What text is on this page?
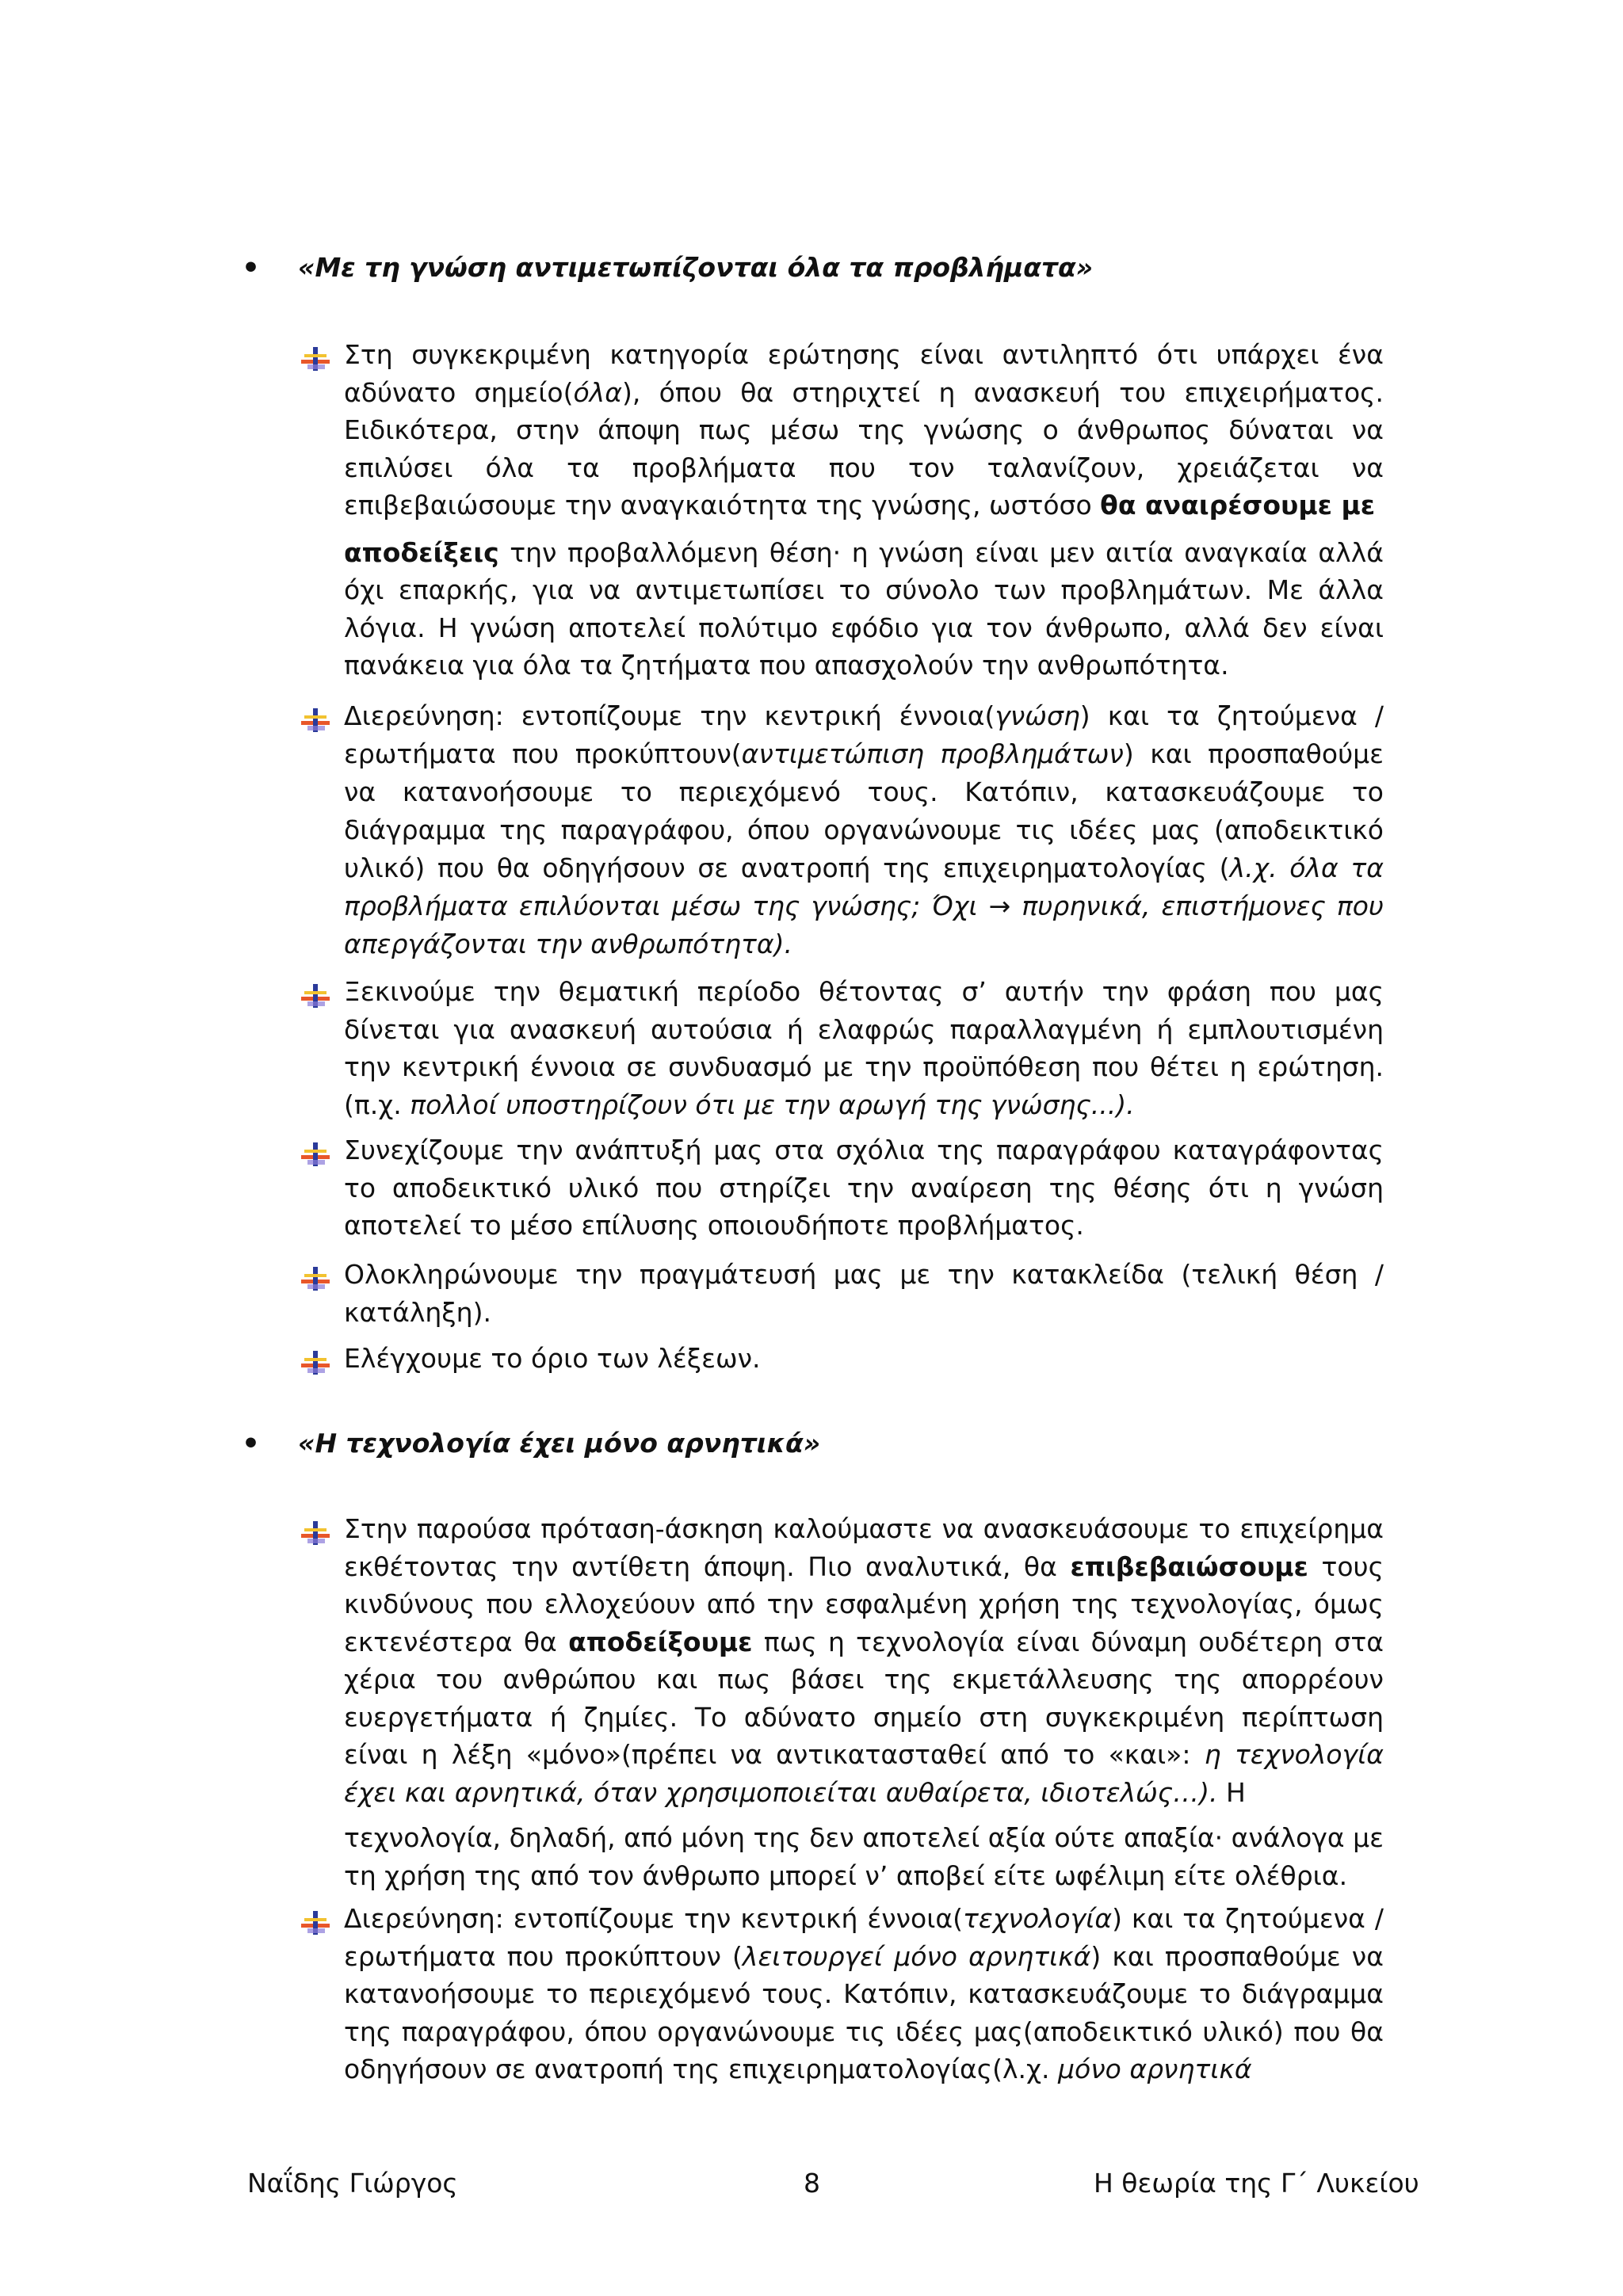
• «Με τη γνώση αντιμετωπίζονται όλα τα προβλήματα»

Στη συγκεκριμένη κατηγορία ερώτησης είναι αντιληπτό ότι υπάρχει ένα αδύνατο σημείο(όλα), όπου θα στηριχτεί η ανασκευή του επιχειρήματος. Ειδικότερα, στην άποψη πως μέσω της γνώσης ο άνθρωπος δύναται να επιλύσει όλα τα προβλήματα που τον ταλανίζουν, χρειάζεται να επιβεβαιώσουμε την αναγκαιότητα της γνώσης, ωστόσο θα αναιρέσουμε με

αποδείξεις την προβαλλόμενη θέση· η γνώση είναι μεν αιτία αναγκαία αλλά όχι επαρκής, για να αντιμετωπίσει το σύνολο των προβλημάτων. Με άλλα λόγια. Η γνώση αποτελεί πολύτιμο εφόδιο για τον άνθρωπο, αλλά δεν είναι πανάκεια για όλα τα ζητήματα που απασχολούν την ανθρωπότητα.

Διερεύνηση: εντοπίζουμε την κεντρική έννοια(γνώση) και τα ζητούμενα / ερωτήματα που προκύπτουν(αντιμετώπιση προβλημάτων) και προσπαθούμε να κατανοήσουμε το περιεχόμενό τους. Κατόπιν, κατασκευάζουμε το διάγραμμα της παραγράφου, όπου οργανώνουμε τις ιδέες μας (αποδεικτικό υλικό) που θα οδηγήσουν σε ανατροπή της επιχειρηματολογίας (λ.χ. όλα τα προβλήματα επιλύονται μέσω της γνώσης; Όχι → πυρηνικά, επιστήμονες που απεργάζονται την ανθρωπότητα).

Ξεκινούμε την θεματική περίοδο θέτοντας σ’ αυτήν την φράση που μας δίνεται για ανασκευή αυτούσια ή ελαφρώς παραλλαγμένη ή εμπλουτισμένη την κεντρική έννοια σε συνδυασμό με την προϋπόθεση που θέτει η ερώτηση. (π.χ. πολλοί υποστηρίζουν ότι με την αρωγή της γνώσης...).

Συνεχίζουμε την ανάπτυξή μας στα σχόλια της παραγράφου καταγράφοντας το αποδεικτικό υλικό που στηρίζει την αναίρεση της θέσης ότι η γνώση αποτελεί το μέσο επίλυσης οποιουδήποτε προβλήματος.

Ολοκληρώνουμε την πραγμάτευσή μας με την κατακλείδα (τελική θέση / κατάληξη).

Ελέγχουμε το όριο των λέξεων.

• «Η τεχνολογία έχει μόνο αρνητικά»

Στην παρούσα πρόταση-άσκηση καλούμαστε να ανασκευάσουμε το επιχείρημα εκθέτοντας την αντίθετη άποψη. Πιο αναλυτικά, θα επιβεβαιώσουμε τους κινδύνους που ελλοχεύουν από την εσφαλμένη χρήση της τεχνολογίας, όμως εκτενέστερα θα αποδείξουμε πως η τεχνολογία είναι δύναμη ουδέτερη στα χέρια του ανθρώπου και πως βάσει της εκμετάλλευσης της απορρέουν ευεργετήματα ή ζημίες. Το αδύνατο σημείο στη συγκεκριμένη περίπτωση είναι η λέξη «μόνο»(πρέπει να αντικατασταθεί από το «και»: η τεχνολογία έχει και αρνητικά, όταν χρησιμοποιείται αυθαίρετα, ιδιοτελώς…). Η

τεχνολογία, δηλαδή, από μόνη της δεν αποτελεί αξία ούτε απαξία· ανάλογα με τη χρήση της από τον άνθρωπο μπορεί ν’ αποβεί είτε ωφέλιμη είτε ολέθρια.

Διερεύνηση: εντοπίζουμε την κεντρική έννοια(τεχνολογία) και τα ζητούμενα / ερωτήματα που προκύπτουν (λειτουργεί μόνο αρνητικά) και προσπαθούμε να κατανοήσουμε το περιεχόμενό τους. Κατόπιν, κατασκευάζουμε το διάγραμμα της παραγράφου, όπου οργανώνουμε τις ιδέες μας(αποδεικτικό υλικό) που θα οδηγήσουν σε ανατροπή της επιχειρηματολογίας(λ.χ. μόνο αρνητικά

Ναΐδης Γιώργος	8	Η θεωρία της Γ΄ Λυκείου
